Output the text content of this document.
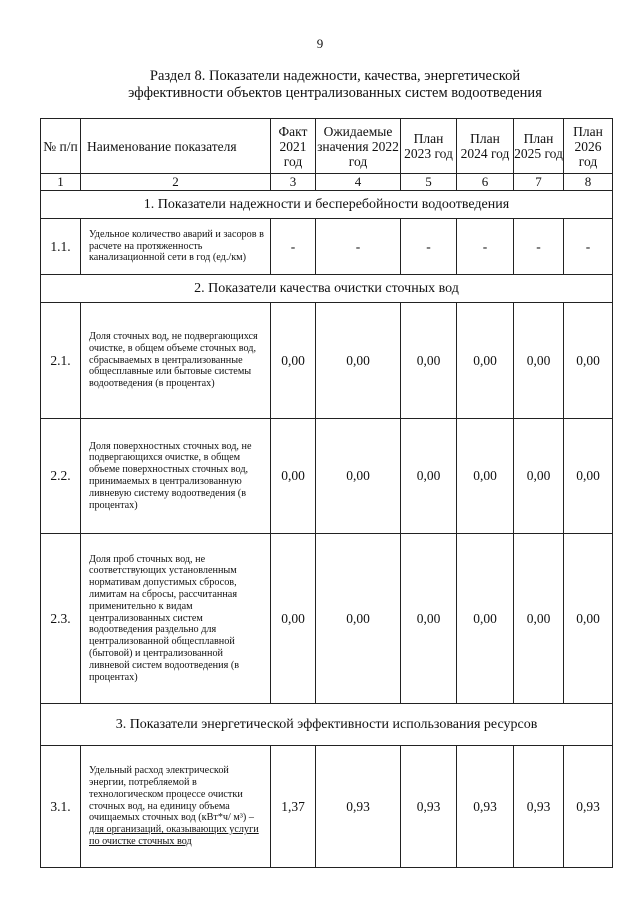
9
Раздел 8. Показатели надежности, качества, энергетической
эффективности объектов централизованных систем водоотведения
№ п/п	Наименование показателя	Факт 2021 год	Ожидаемые значения 2022 год	План 2023 год	План 2024 год	План 2025 год	План 2026 год
1	2	3	4	5	6	7	8
1. Показатели надежности и бесперебойности водоотведения							
1.1.	Удельное количество аварий и засоров в расчете на протяженность канализационной сети в год (ед./км)	-	-	-	-	-	-
2. Показатели качества очистки сточных вод							
2.1.	Доля сточных вод, не подвергающихся очистке, в общем объеме сточных вод, сбрасываемых в централизованные общесплавные или бытовые системы водоотведения (в процентах)	0,00	0,00	0,00	0,00	0,00	0,00
2.2.	Доля поверхностных сточных вод, не подвергающихся очистке, в общем объеме поверхностных сточных вод, принимаемых в централизованную ливневую систему водоотведения (в процентах)	0,00	0,00	0,00	0,00	0,00	0,00
2.3.	Доля проб сточных вод, не соответствующих установленным нормативам допустимых сбросов, лимитам на сбросы, рассчитанная применительно к видам централизованных систем водоотведения раздельно для централизованной общесплавной (бытовой) и централизованной ливневой систем водоотведения (в процентах)	0,00	0,00	0,00	0,00	0,00	0,00
3. Показатели энергетической эффективности использования ресурсов							
3.1.	Удельный расход электрической энергии, потребляемой в технологическом процессе очистки сточных вод, на единицу объема очищаемых сточных вод (кВт*ч/ м³) – для организаций, оказывающих услуги по очистке сточных вод	1,37	0,93	0,93	0,93	0,93	0,93
